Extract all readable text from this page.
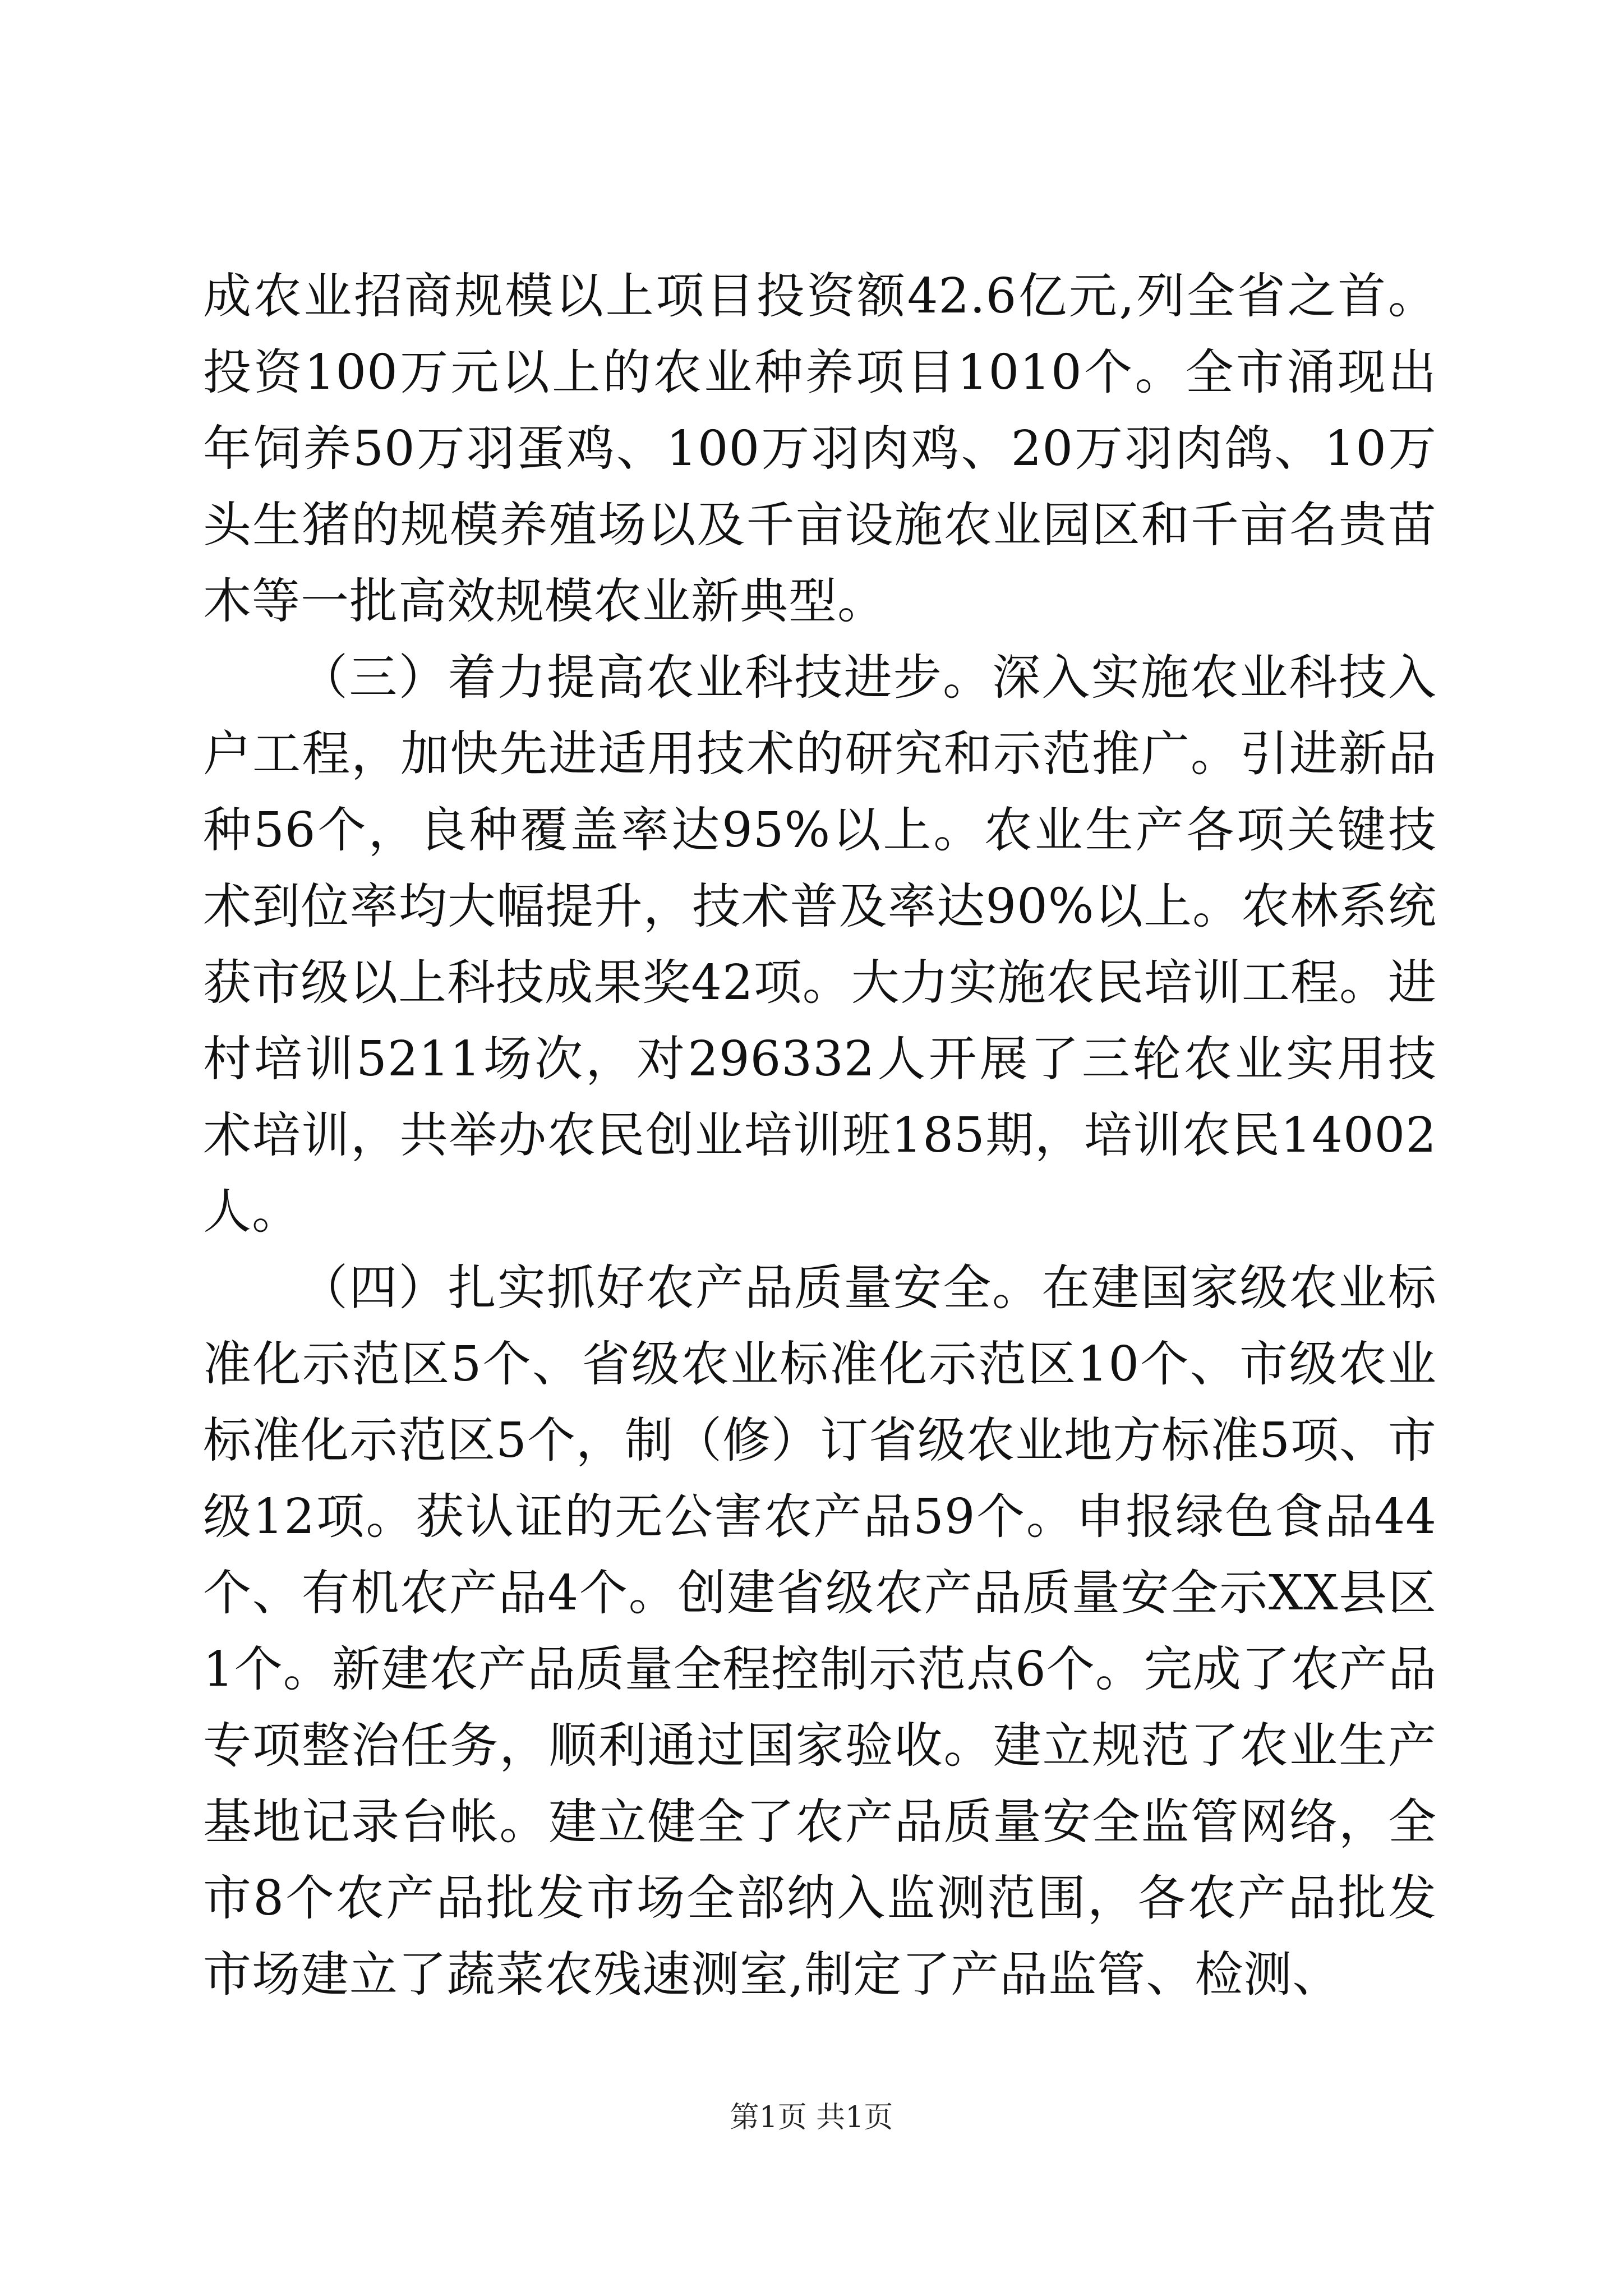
成农业招商规模以上项目投资额42.6亿元,列全省之首。投资100万元以上的农业种养项目1010个。全市涌现出年饲养50万羽蛋鸡、100万羽肉鸡、20万羽肉鸽、10万头生猪的规模养殖场以及千亩设施农业园区和千亩名贵苗木等一批高效规模农业新典型。

（三）着力提高农业科技进步。深入实施农业科技入户工程，加快先进适用技术的研究和示范推广。引进新品种56个，良种覆盖率达95%以上。农业生产各项关键技术到位率均大幅提升，技术普及率达90%以上。农林系统获市级以上科技成果奖42项。大力实施农民培训工程。进村培训5211场次，对296332人开展了三轮农业实用技术培训，共举办农民创业培训班185期，培训农民14002人。

（四）扎实抓好农产品质量安全。在建国家级农业标准化示范区5个、省级农业标准化示范区10个、市级农业标准化示范区5个，制（修）订省级农业地方标准5项、市级12项。获认证的无公害农产品59个。申报绿色食品44个、有机农产品4个。创建省级农产品质量安全示XX县区1个。新建农产品质量全程控制示范点6个。完成了农产品专项整治任务，顺利通过国家验收。建立规范了农业生产基地记录台帐。建立健全了农产品质量安全监管网络，全市8个农产品批发市场全部纳入监测范围，各农产品批发市场建立了蔬菜农残速测室,制定了产品监管、检测、

第1页 共1页
